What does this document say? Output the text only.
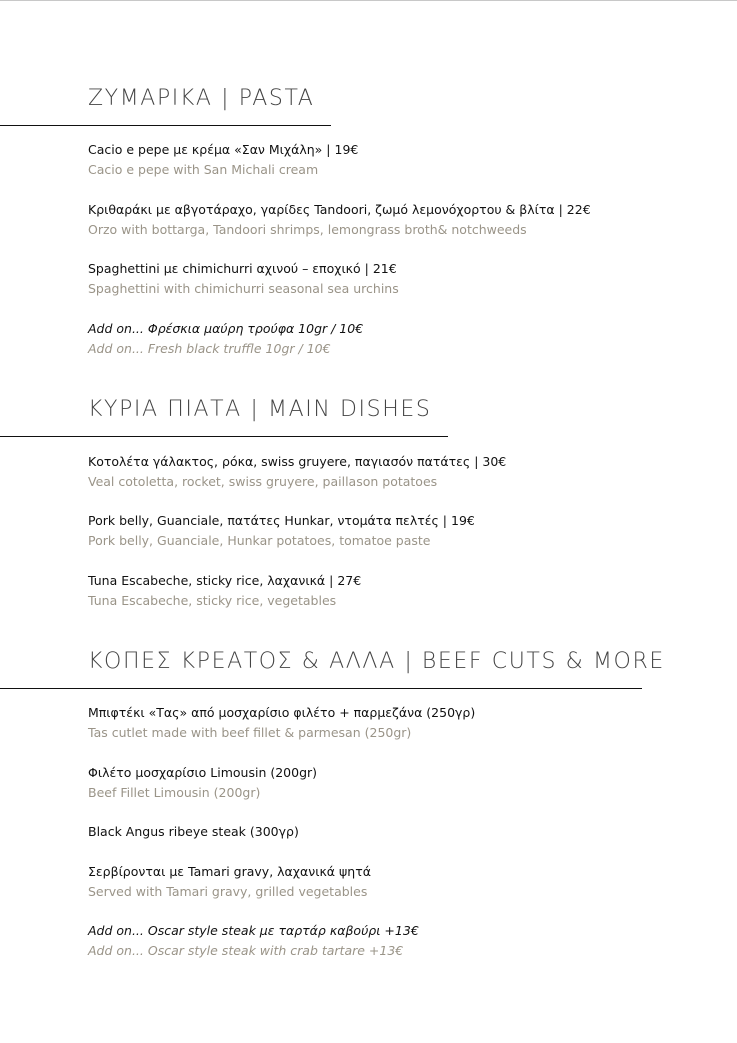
ΖΥΜΑΡΙΚΑ | PASTA
Cacio e pepe με κρέμα «Σαν Μιχάλη» | 19€
Cacio e pepe with San Michali cream
Κριθαράκι με αβγοτάραχο, γαρίδες Tandoori, ζωμό λεμονόχορτου & βλίτα | 22€
Orzo with bottarga, Tandoori shrimps, lemongrass broth& notchweeds
Spaghettini με chimichurri αχινού – εποχικό | 21€
Spaghettini with chimichurri seasonal sea urchins
Add on... Φρέσκια μαύρη τρούφα 10gr / 10€
Add on... Fresh black truffle 10gr / 10€
ΚΥΡΙΑ ΠΙΑΤΑ | MAIN DISHES
Κοτολέτα γάλακτος, ρόκα, swiss gruyere, παγιασόν πατάτες | 30€
Veal cotoletta, rocket, swiss gruyere, paillason potatoes
Pork belly, Guanciale, πατάτες Hunkar, ντομάτα πελτές | 19€
Pork belly, Guanciale, Hunkar potatoes, tomatoe paste
Tuna Escabeche, sticky rice, λαχανικά | 27€
Tuna Escabeche, sticky rice, vegetables
ΚΟΠΕΣ ΚΡΕΑΤΟΣ & ΑΛΛΑ | BEEF CUTS & MORE
Μπιφτέκι «Τας» από μοσχαρίσιο φιλέτο + παρμεζάνα (250γρ)
Tas cutlet made with beef fillet & parmesan (250gr)
Φιλέτο μοσχαρίσιο Limousin (200gr)
Beef Fillet Limousin (200gr)
Black Angus ribeye steak (300γρ)
Σερβίρονται με Tamari gravy, λαχανικά ψητά
Served with Tamari gravy, grilled vegetables
Add on... Oscar style steak με ταρτάρ καβούρι +13€
Add on... Oscar style steak with crab tartare +13€
